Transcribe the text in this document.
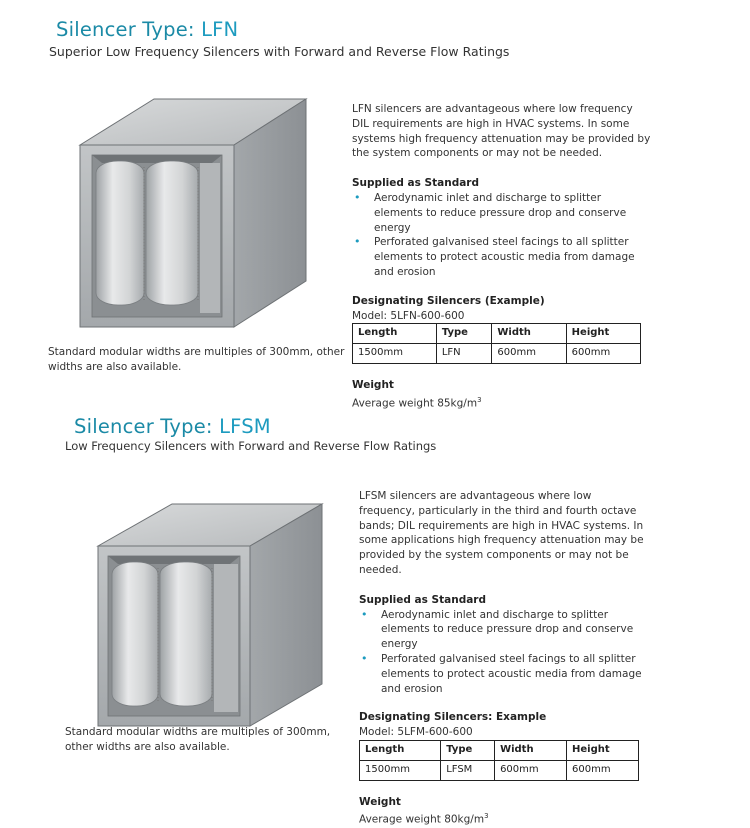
Silencer Type: LFN
Superior Low Frequency Silencers with Forward and Reverse Flow Ratings
Standard modular widths are multiples of 300mm, other widths are also available.

LFN silencers are advantageous where low frequency DIL requirements are high in HVAC systems. In some systems high frequency attenuation may be provided by the system components or may not be needed.

Supplied as Standard
• Aerodynamic inlet and discharge to splitter elements to reduce pressure drop and conserve energy
• Perforated galvanised steel facings to all splitter elements to protect acoustic media from damage and erosion
Designating Silencers (Example)

Model: 5LFN-600-600

Length	Type	Width	Height
1500mm	LFN	600mm	600mm
Weight

Average weight $85kg/m^3$

Silencer Type: LFSM
Low Frequency Silencers with Forward and Reverse Flow Ratings
Standard modular widths are multiples of 300mm, other widths are also available.

LFSM silencers are advantageous where low frequency, particularly in the third and fourth octave bands; DIL requirements are high in HVAC systems. In some applications high frequency attenuation may be provided by the system components or may not be needed.

Supplied as Standard
• Aerodynamic inlet and discharge to splitter elements to reduce pressure drop and conserve energy
• Perforated galvanised steel facings to all splitter elements to protect acoustic media from damage and erosion
Designating Silencers: Example

Model: 5LFM-600-600

Length	Type	Width	Height
1500mm	LFSM	600mm	600mm
Weight

Average weight $80kg/m^3$
